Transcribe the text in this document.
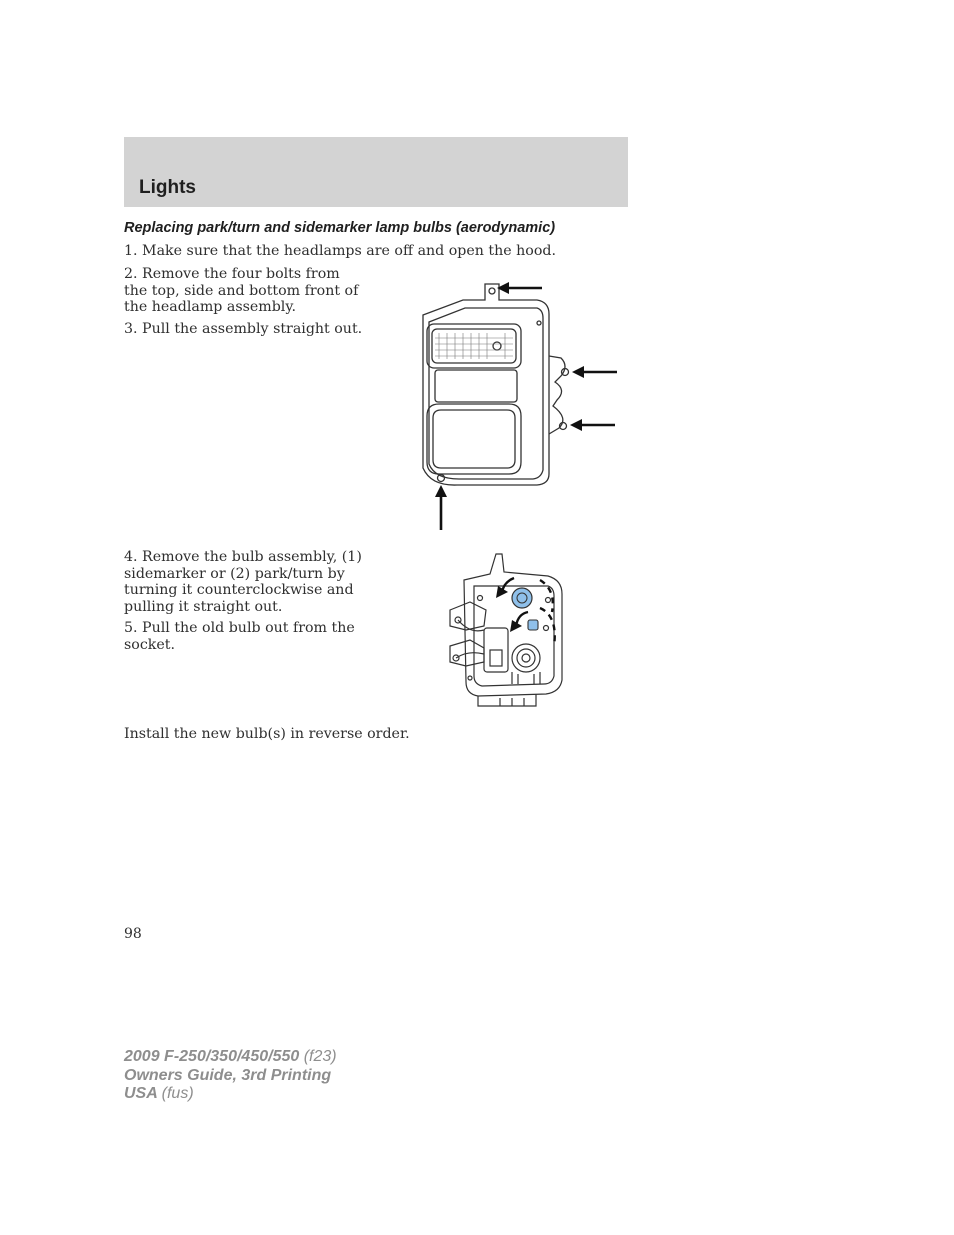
Lights
Replacing park/turn and sidemarker lamp bulbs (aerodynamic)

1. Make sure that the headlamps are off and open the hood.

2. Remove the four bolts from the top, side and bottom front of the headlamp assembly.

3. Pull the assembly straight out.

4. Remove the bulb assembly, (1) sidemarker or (2) park/turn by turning it counterclockwise and pulling it straight out.

5. Pull the old bulb out from the socket.

Install the new bulb(s) in reverse order.

98

2009 F-250/350/450/550 (f23)
Owners Guide, 3rd Printing
USA (fus)
